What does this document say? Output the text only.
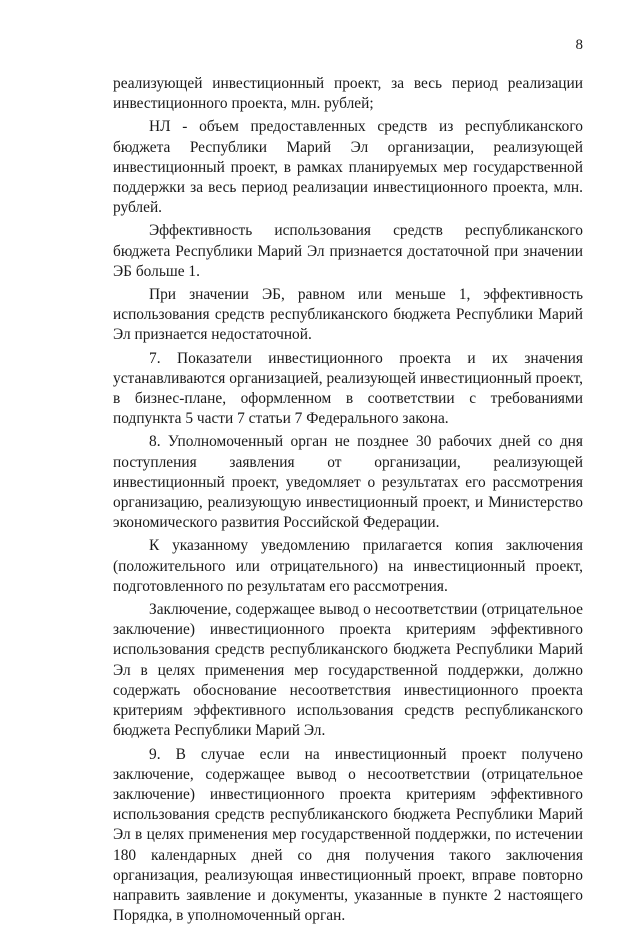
8

реализующей инвестиционный проект, за весь период реализации инвестиционного проекта, млн. рублей;

НЛ - объем предоставленных средств из республиканского бюджета Республики Марий Эл организации, реализующей инвестиционный проект, в рамках планируемых мер государственной поддержки за весь период реализации инвестиционного проекта, млн. рублей.

Эффективность использования средств республиканского бюджета Республики Марий Эл признается достаточной при значении ЭБ больше 1.

При значении ЭБ, равном или меньше 1, эффективность использования средств республиканского бюджета Республики Марий Эл признается недостаточной.

7. Показатели инвестиционного проекта и их значения устанавливаются организацией, реализующей инвестиционный проект, в бизнес-плане, оформленном в соответствии с требованиями подпункта 5 части 7 статьи 7 Федерального закона.

8. Уполномоченный орган не позднее 30 рабочих дней со дня поступления заявления от организации, реализующей инвестиционный проект, уведомляет о результатах его рассмотрения организацию, реализующую инвестиционный проект, и Министерство экономического развития Российской Федерации.

К указанному уведомлению прилагается копия заключения (положительного или отрицательного) на инвестиционный проект, подготовленного по результатам его рассмотрения.

Заключение, содержащее вывод о несоответствии (отрицательное заключение) инвестиционного проекта критериям эффективного использования средств республиканского бюджета Республики Марий Эл в целях применения мер государственной поддержки, должно содержать обоснование несоответствия инвестиционного проекта критериям эффективного использования средств республиканского бюджета Республики Марий Эл.

9. В случае если на инвестиционный проект получено заключение, содержащее вывод о несоответствии (отрицательное заключение) инвестиционного проекта критериям эффективного использования средств республиканского бюджета Республики Марий Эл в целях применения мер государственной поддержки, по истечении 180 календарных дней со дня получения такого заключения организация, реализующая инвестиционный проект, вправе повторно направить заявление и документы, указанные в пункте 2 настоящего Порядка, в уполномоченный орган.
